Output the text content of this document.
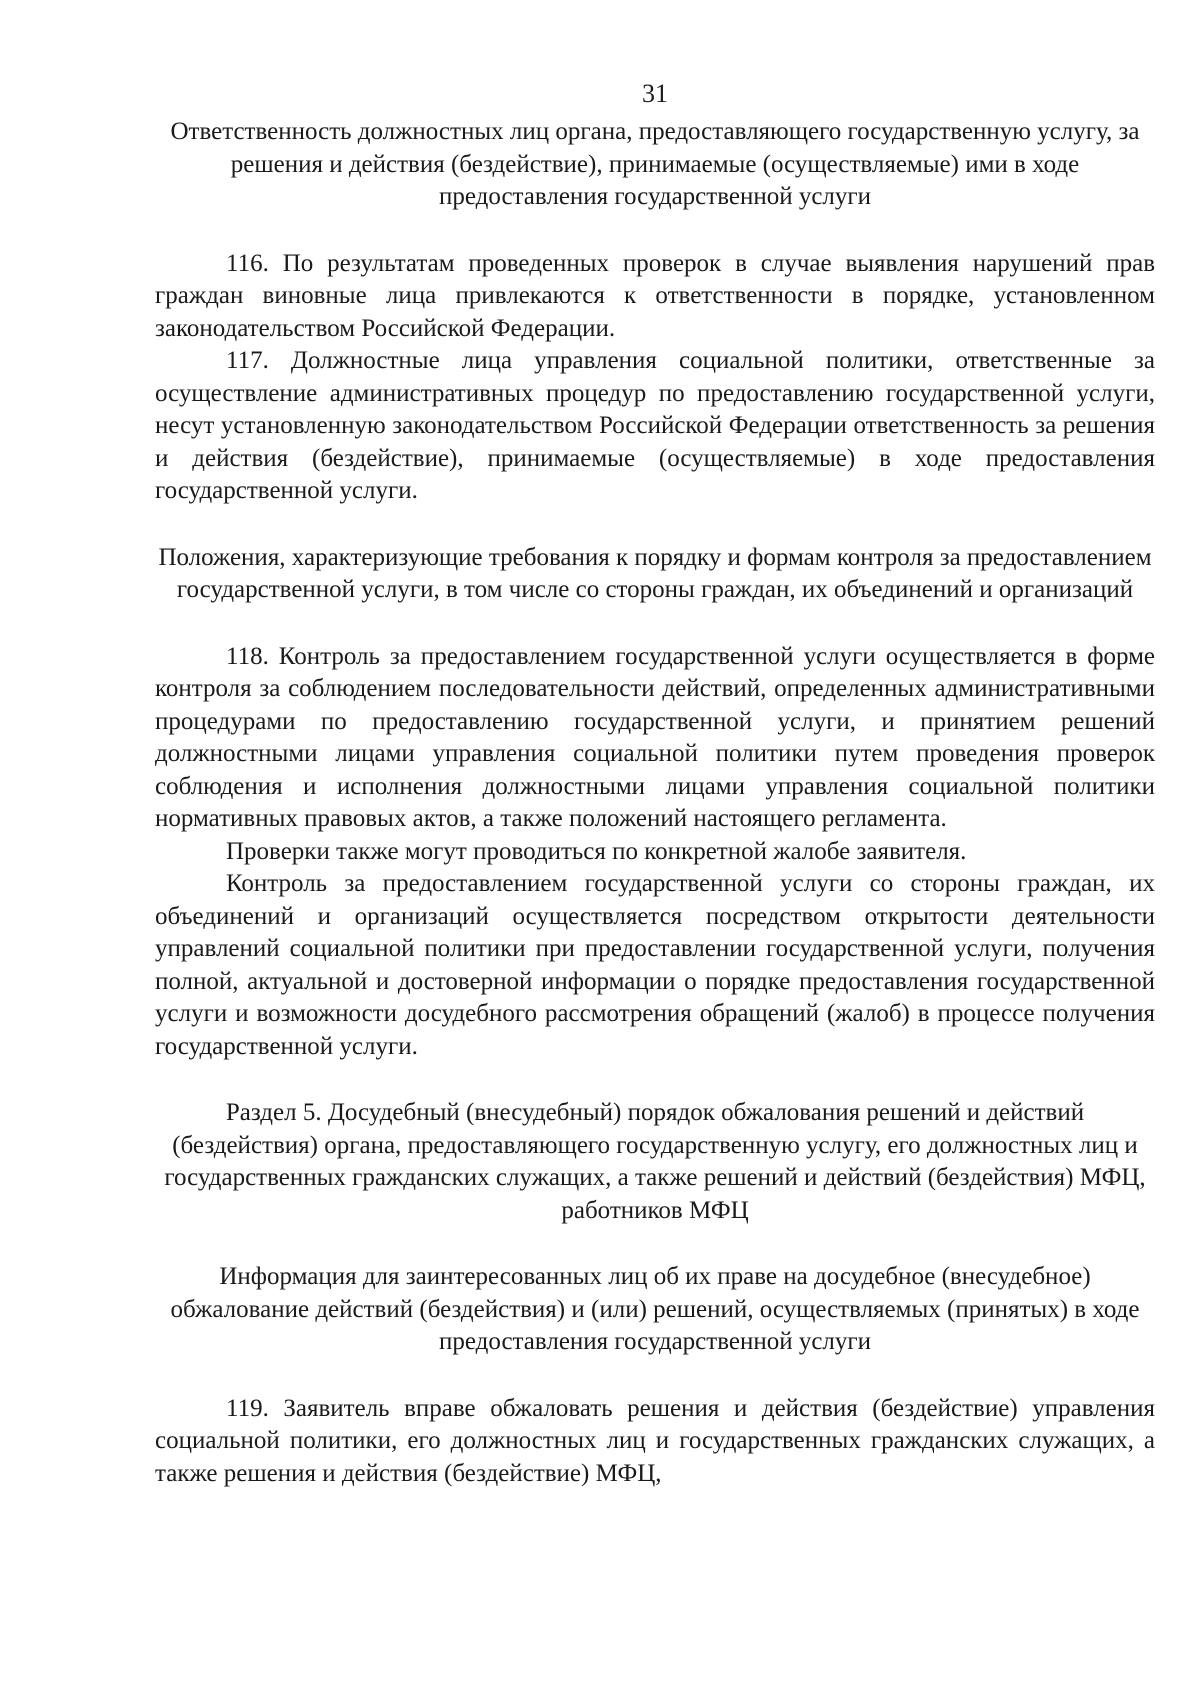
31

Ответственность должностных лиц органа, предоставляющего государственную услугу, за решения и действия (бездействие), принимаемые (осуществляемые) ими в ходе предоставления государственной услуги

116. По результатам проведенных проверок в случае выявления нарушений прав граждан виновные лица привлекаются к ответственности в порядке, установленном законодательством Российской Федерации.

117. Должностные лица управления социальной политики, ответственные за осуществление административных процедур по предоставлению государственной услуги, несут установленную законодательством Российской Федерации ответственность за решения и действия (бездействие), принимаемые (осуществляемые) в ходе предоставления государственной услуги.

Положения, характеризующие требования к порядку и формам контроля за предоставлением государственной услуги, в том числе со стороны граждан, их объединений и организаций

118. Контроль за предоставлением государственной услуги осуществляется в форме контроля за соблюдением последовательности действий, определенных административными процедурами по предоставлению государственной услуги, и принятием решений должностными лицами управления социальной политики путем проведения проверок соблюдения и исполнения должностными лицами управления социальной политики нормативных правовых актов, а также положений настоящего регламента.

Проверки также могут проводиться по конкретной жалобе заявителя.

Контроль за предоставлением государственной услуги со стороны граждан, их объединений и организаций осуществляется посредством открытости деятельности управлений социальной политики при предоставлении государственной услуги, получения полной, актуальной и достоверной информации о порядке предоставления государственной услуги и возможности досудебного рассмотрения обращений (жалоб) в процессе получения государственной услуги.

Раздел 5. Досудебный (внесудебный) порядок обжалования решений и действий (бездействия) органа, предоставляющего государственную услугу, его должностных лиц и государственных гражданских служащих, а также решений и действий (бездействия) МФЦ, работников МФЦ

Информация для заинтересованных лиц об их праве на досудебное (внесудебное) обжалование действий (бездействия) и (или) решений, осуществляемых (принятых) в ходе предоставления государственной услуги

119. Заявитель вправе обжаловать решения и действия (бездействие) управления социальной политики, его должностных лиц и государственных гражданских служащих, а также решения и действия (бездействие) МФЦ,
